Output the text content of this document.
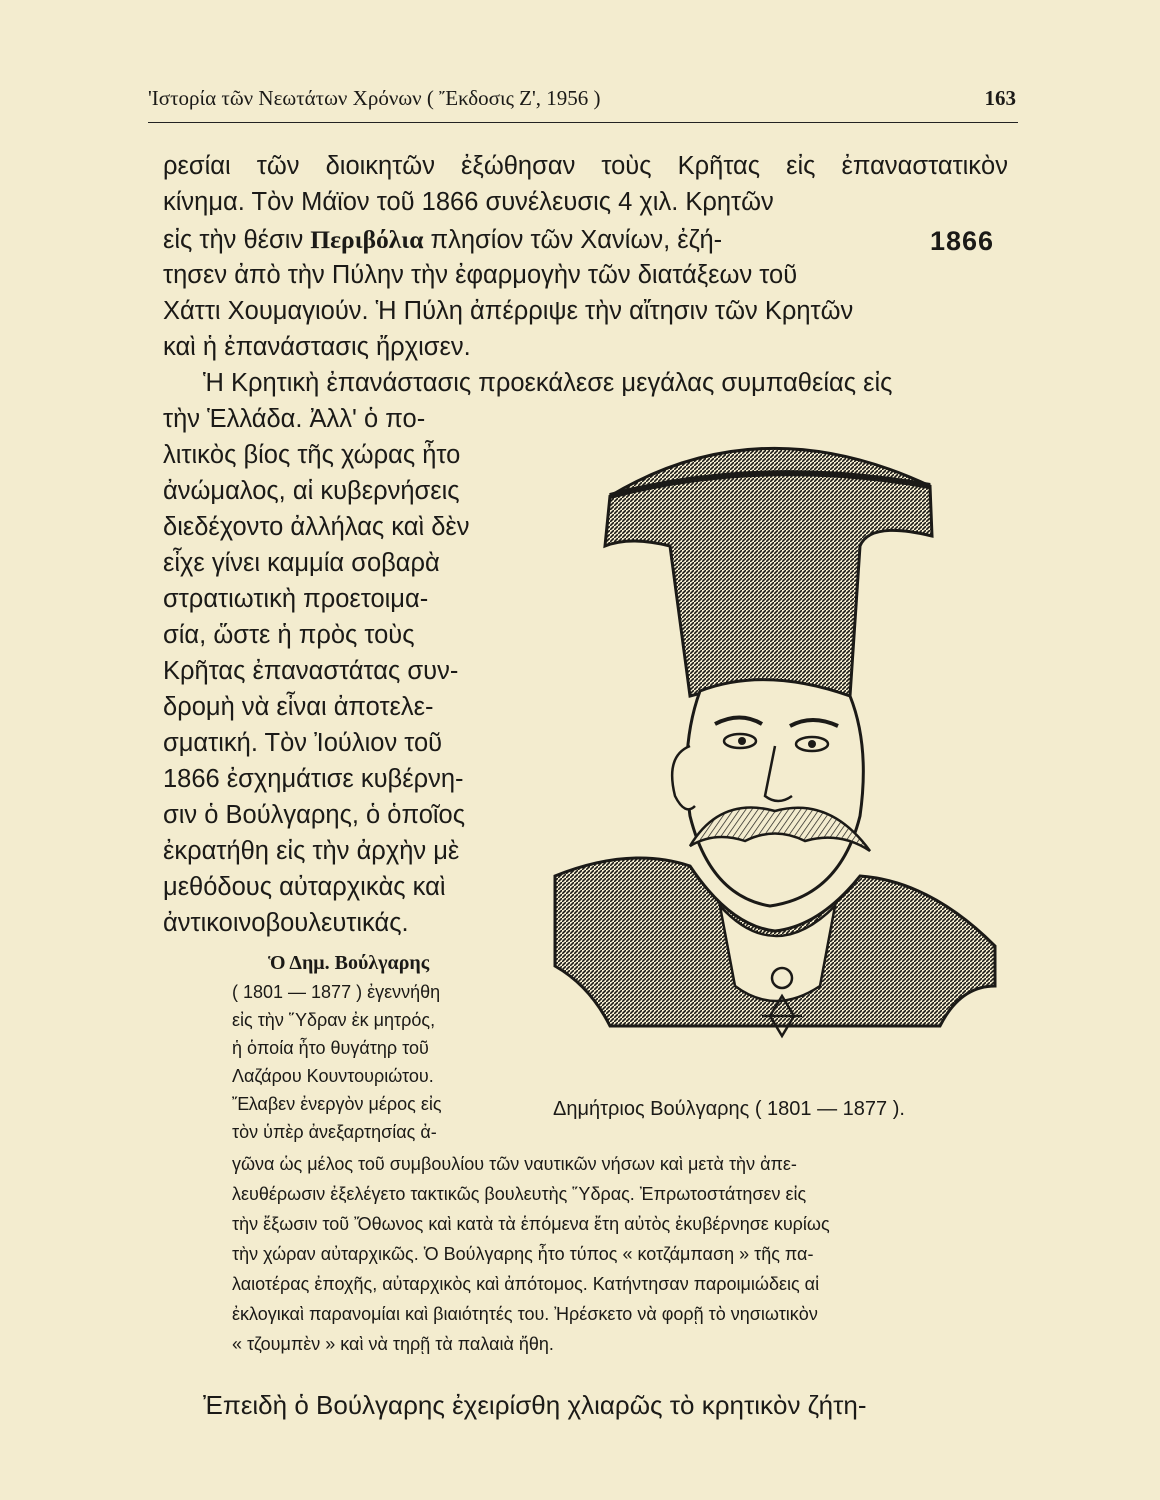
'Ιστορία τῶν Νεωτάτων Χρόνων ( Ἔκδοσις Ζ', 1956 )	163
ρεσίαι τῶν διοικητῶν ἐξώθησαν τοὺς Κρῆτας εἰς ἐπαναστατικὸν
κίνημα. Τὸν Μάϊον τοῦ 1866 συνέλευσις 4 χιλ. Κρητῶν
εἰς τὴν θέσιν Περιβόλια πλησίον τῶν Χανίων, ἐζή-	1866
τησεν ἀπὸ τὴν Πύλην τὴν ἐφαρμογὴν τῶν διατάξεων τοῦ
Χάττι Χουμαγιούν. Ἡ Πύλη ἀπέρριψε τὴν αἴτησιν τῶν Κρητῶν
καὶ ἡ ἐπανάστασις ἤρχισεν.
Ἡ Κρητικὴ ἐπανάστασις προεκάλεσε μεγάλας συμπαθείας εἰς
τὴν Ἑλλάδα. Ἀλλ' ὁ πο-
λιτικὸς βίος τῆς χώρας ἦτο
ἀνώμαλος, αἱ κυβερνήσεις
διεδέχοντο ἀλλήλας καὶ δὲν
εἶχε γίνει καμμία σοβαρὰ
στρατιωτικὴ προετοιμα-
σία, ὥστε ἡ πρὸς τοὺς
Κρῆτας ἐπαναστάτας συν-
δρομὴ νὰ εἶναι ἀποτελε-
σματική. Τὸν Ἰούλιον τοῦ
1866 ἐσχημάτισε κυβέρνη-
σιν ὁ Βούλγαρης, ὁ ὁποῖος
ἐκρατήθη εἰς τὴν ἀρχὴν μὲ
μεθόδους αὐταρχικὰς καὶ
ἀντικοινοβουλευτικάς.
Ὁ Δημ. Βούλγαρης
( 1801 — 1877 ) ἐγεννήθη
εἰς τὴν Ὕδραν ἐκ μητρός,
ἡ ὁποία ἦτο θυγάτηρ τοῦ
Λαζάρου Κουντουριώτου.
Ἔλαβεν ἐνεργὸν μέρος εἰς
τὸν ὑπὲρ ἀνεξαρτησίας ἀ-
γῶνα ὡς μέλος τοῦ συμβουλίου τῶν ναυτικῶν νήσων καὶ μετὰ τὴν ἀπε-
λευθέρωσιν ἐξελέγετο τακτικῶς βουλευτὴς Ὕδρας. Ἐπρωτοστάτησεν εἰς
τὴν ἔξωσιν τοῦ Ὄθωνος καὶ κατὰ τὰ ἑπόμενα ἔτη αὐτὸς ἐκυβέρνησε κυρίως
τὴν χώραν αὐταρχικῶς. Ὁ Βούλγαρης ἦτο τύπος « κοτζάμπαση » τῆς πα-
λαιοτέρας ἐποχῆς, αὐταρχικὸς καὶ ἀπότομος. Κατήντησαν παροιμιώδεις αἱ
ἐκλογικαὶ παρανομίαι καὶ βιαιότητές του. Ἠρέσκετο νὰ φορῇ τὸ νησιωτικὸν
« τζουμπὲν » καὶ νὰ τηρῇ τὰ παλαιὰ ἤθη.
Δημήτριος Βούλγαρης ( 1801 — 1877 ).
Ἐπειδὴ ὁ Βούλγαρης ἐχειρίσθη χλιαρῶς τὸ κρητικὸν ζήτη-
